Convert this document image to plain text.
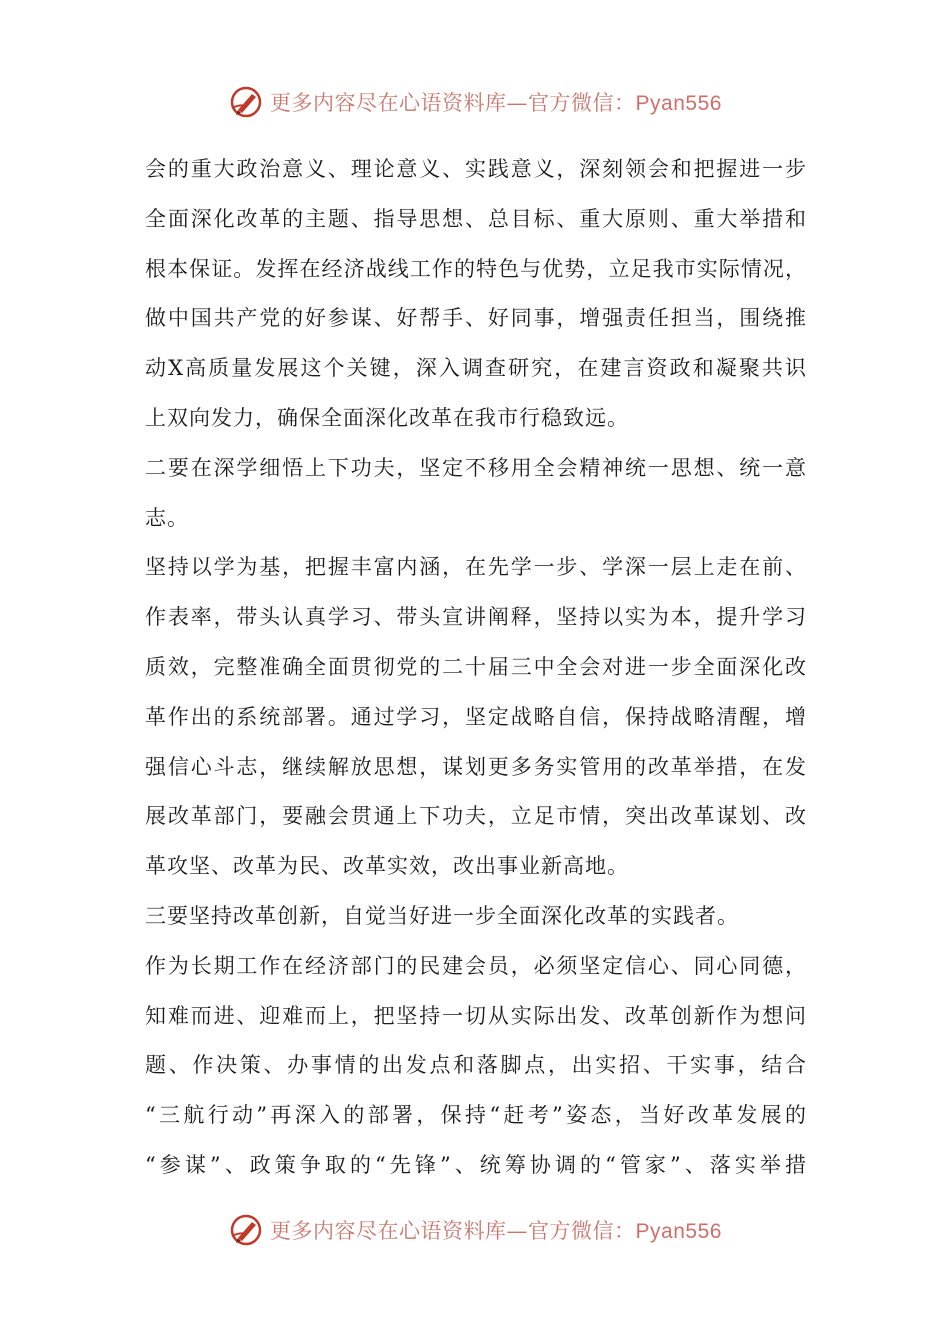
更多内容尽在心语资料库—官方微信：Pyan556
会的重大政治意义、理论意义、实践意义，深刻领会和把握进一步
全面深化改革的主题、指导思想、总目标、重大原则、重大举措和
根本保证。发挥在经济战线工作的特色与优势，立足我市实际情况，
做中国共产党的好参谋、好帮手、好同事，增强责任担当，围绕推
动X高质量发展这个关键，深入调查研究，在建言资政和凝聚共识
上双向发力，确保全面深化改革在我市行稳致远。
二要在深学细悟上下功夫，坚定不移用全会精神统一思想、统一意
志。
坚持以学为基，把握丰富内涵，在先学一步、学深一层上走在前、
作表率，带头认真学习、带头宣讲阐释，坚持以实为本，提升学习
质效，完整准确全面贯彻党的二十届三中全会对进一步全面深化改
革作出的系统部署。通过学习，坚定战略自信，保持战略清醒，增
强信心斗志，继续解放思想，谋划更多务实管用的改革举措，在发
展改革部门，要融会贯通上下功夫，立足市情，突出改革谋划、改
革攻坚、改革为民、改革实效，改出事业新高地。
三要坚持改革创新，自觉当好进一步全面深化改革的实践者。
作为长期工作在经济部门的民建会员，必须坚定信心、同心同德，
知难而进、迎难而上，把坚持一切从实际出发、改革创新作为想问
题、作决策、办事情的出发点和落脚点，出实招、干实事，结合
“三航行动”再深入的部署，保持“赶考”姿态，当好改革发展的
“参谋”、政策争取的“先锋”、统筹协调的“管家”、落实举措
更多内容尽在心语资料库—官方微信：Pyan556
